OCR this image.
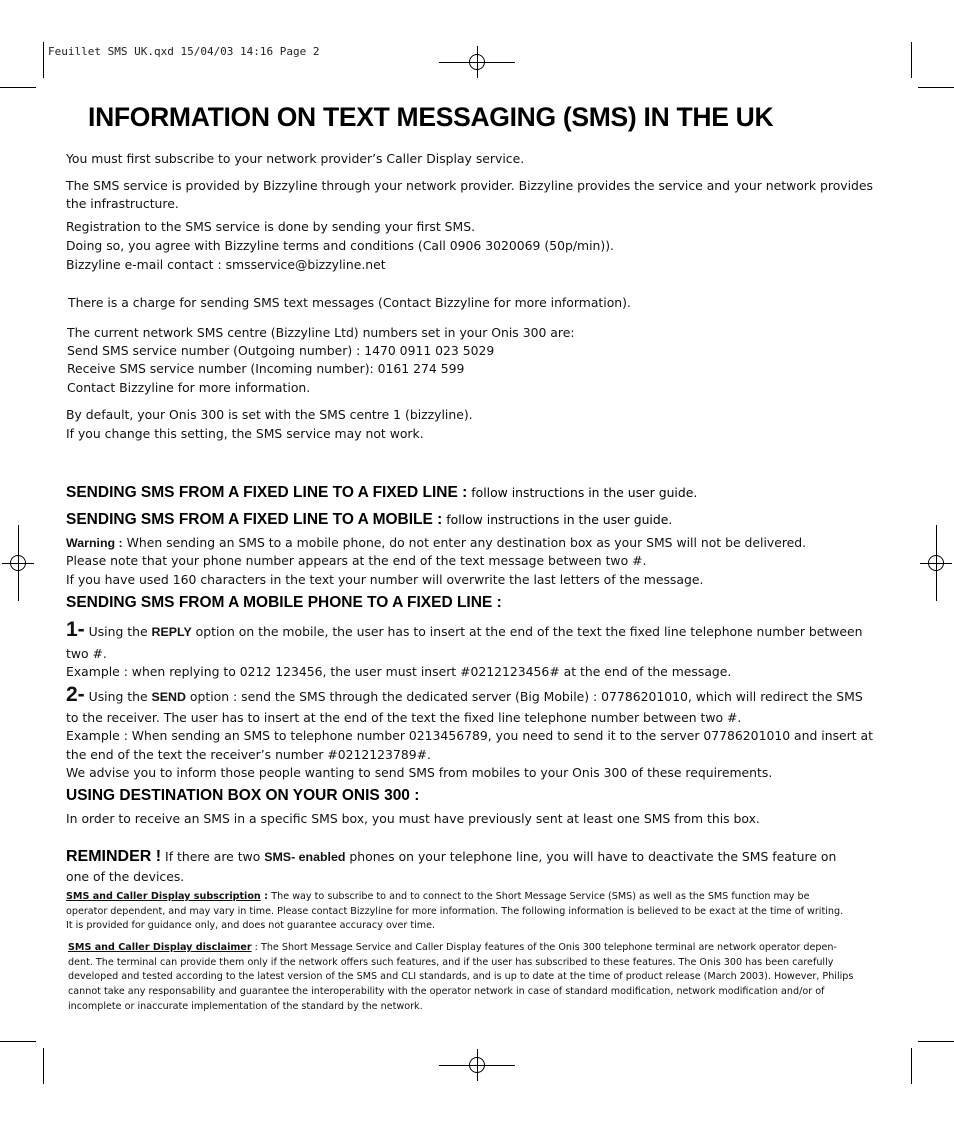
Feuillet SMS UK.qxd 15/04/03 14:16 Page 2
INFORMATION ON TEXT MESSAGING (SMS) IN THE UK
You must first subscribe to your network provider’s Caller Display service.
The SMS service is provided by Bizzyline through your network provider. Bizzyline provides the service and your network provides
the infrastructure.
Registration to the SMS service is done by sending your first SMS.
Doing so, you agree with Bizzyline terms and conditions (Call 0906 3020069 (50p/min)).
Bizzyline e-mail contact : smsservice@bizzyline.net
There is a charge for sending SMS text messages (Contact Bizzyline for more information).
The current network SMS centre (Bizzyline Ltd) numbers set in your Onis 300 are:
Send SMS service number (Outgoing number) : 1470 0911 023 5029
Receive SMS service number (Incoming number): 0161 274 599
Contact Bizzyline for more information.
By default, your Onis 300 is set with the SMS centre 1 (bizzyline).
If you change this setting, the SMS service may not work.
SENDING SMS FROM A FIXED LINE TO A FIXED LINE : follow instructions in the user guide.
SENDING SMS FROM A FIXED LINE TO A MOBILE : follow instructions in the user guide.
Warning : When sending an SMS to a mobile phone, do not enter any destination box as your SMS will not be delivered.
Please note that your phone number appears at the end of the text message between two #.
If you have used 160 characters in the text your number will overwrite the last letters of the message.
SENDING SMS FROM A MOBILE PHONE TO A FIXED LINE :
1- Using the REPLY option on the mobile, the user has to insert at the end of the text the fixed line telephone number between
two #.
Example : when replying to 0212 123456, the user must insert #0212123456# at the end of the message.
2- Using the SEND option : send the SMS through the dedicated server (Big Mobile) : 07786201010, which will redirect the SMS
to the receiver. The user has to insert at the end of the text the fixed line telephone number between two #.
Example : When sending an SMS to telephone number 0213456789, you need to send it to the server 07786201010 and insert at
the end of the text the receiver’s number #0212123789#.
We advise you to inform those people wanting to send SMS from mobiles to your Onis 300 of these requirements.
USING DESTINATION BOX ON YOUR ONIS 300 :
In order to receive an SMS in a specific SMS box, you must have previously sent at least one SMS from this box.
REMINDER ! If there are two SMS- enabled phones on your telephone line, you will have to deactivate the SMS feature on
one of the devices.
SMS and Caller Display subscription : The way to subscribe to and to connect to the Short Message Service (SMS) as well as the SMS function may be
operator dependent, and may vary in time. Please contact Bizzyline for more information. The following information is believed to be exact at the time of writing.
It is provided for guidance only, and does not guarantee accuracy over time.
SMS and Caller Display disclaimer : The Short Message Service and Caller Display features of the Onis 300 telephone terminal are network operator depen-
dent. The terminal can provide them only if the network offers such features, and if the user has subscribed to these features. The Onis 300 has been carefully
developed and tested according to the latest version of the SMS and CLI standards, and is up to date at the time of product release (March 2003). However, Philips
cannot take any responsability and guarantee the interoperability with the operator network in case of standard modification, network modification and/or of
incomplete or inaccurate implementation of the standard by the network.
